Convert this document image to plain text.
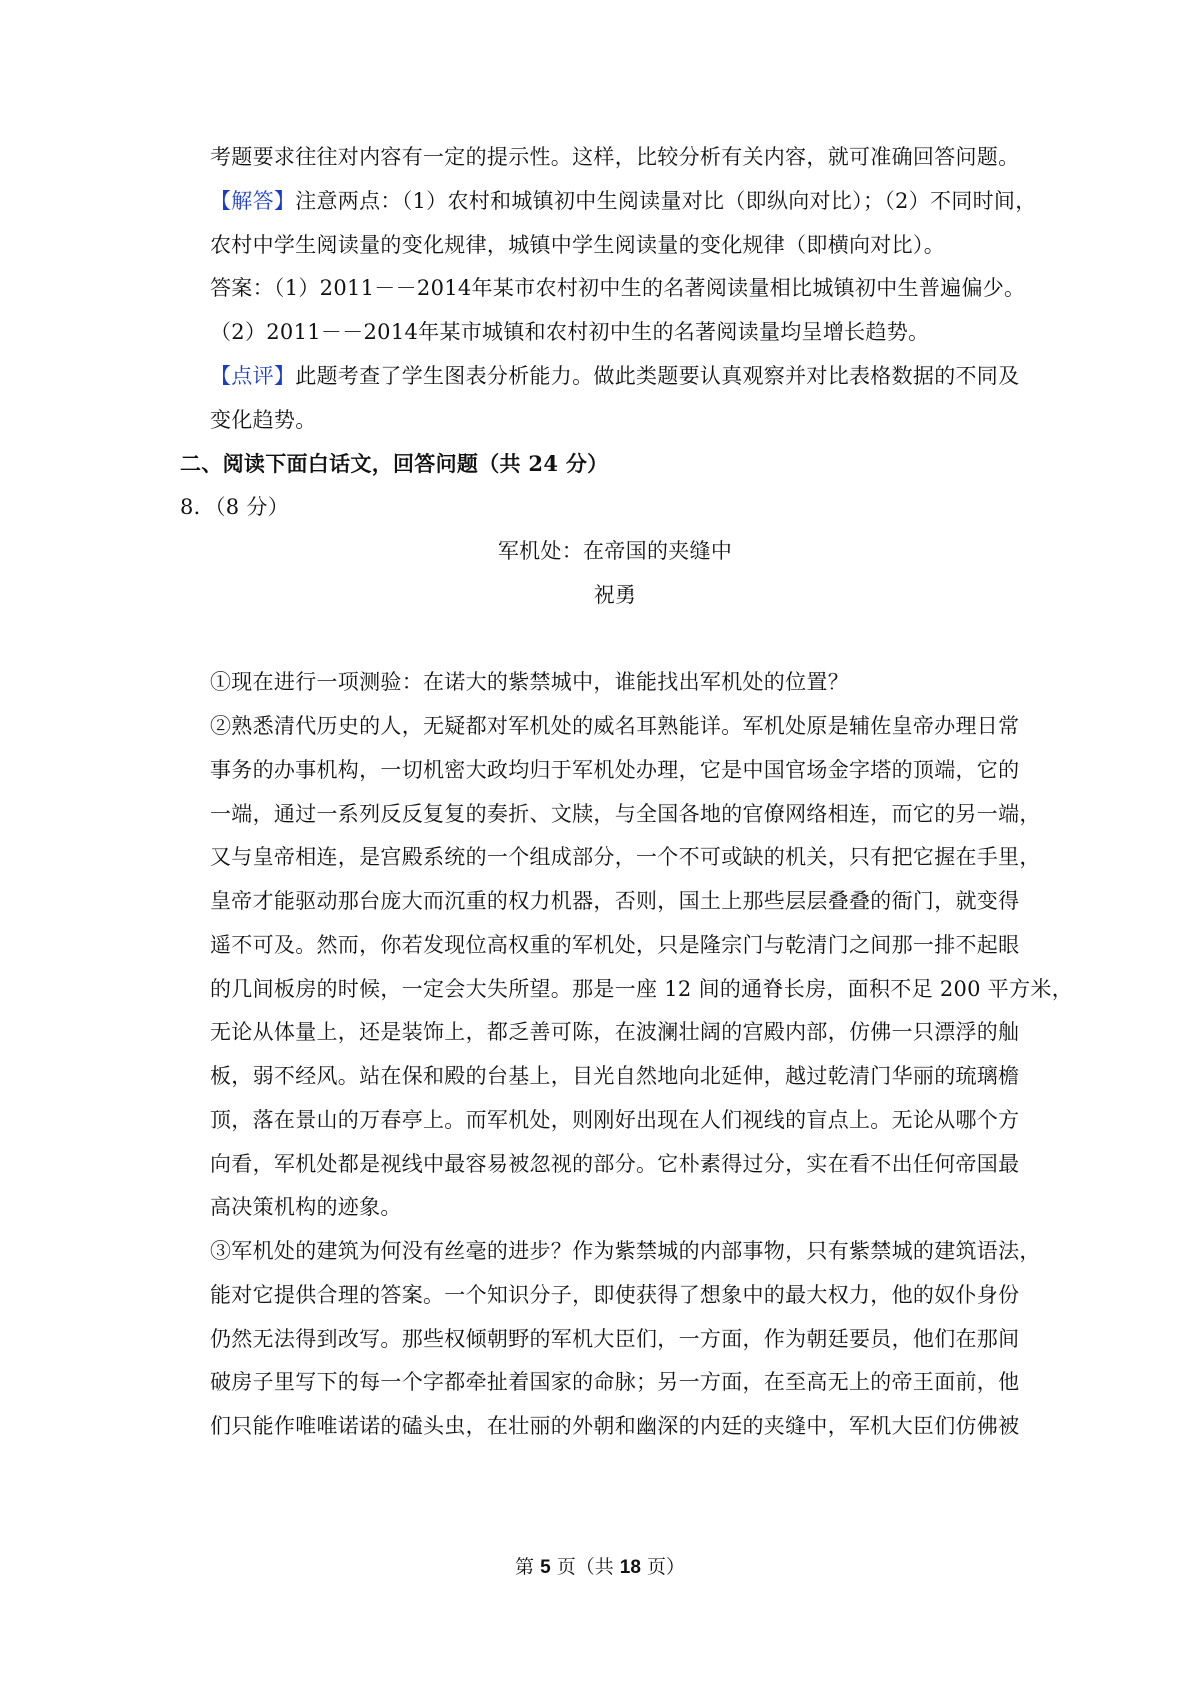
考题要求往往对内容有一定的提示性。这样，比较分析有关内容，就可准确回答问题。
【解答】注意两点：（1）农村和城镇初中生阅读量对比（即纵向对比）；（2）不同时间，
农村中学生阅读量的变化规律，城镇中学生阅读量的变化规律（即横向对比）。
答案：（1）2011－－2014年某市农村初中生的名著阅读量相比城镇初中生普遍偏少。
（2）2011－－2014年某市城镇和农村初中生的名著阅读量均呈增长趋势。
【点评】此题考查了学生图表分析能力。做此类题要认真观察并对比表格数据的不同及
变化趋势。
二、阅读下面白话文，回答问题（共 24 分）
8．（8 分）
军机处：在帝国的夹缝中
祝勇
①现在进行一项测验：在诺大的紫禁城中，谁能找出军机处的位置？
②熟悉清代历史的人，无疑都对军机处的威名耳熟能详。军机处原是辅佐皇帝办理日常
事务的办事机构，一切机密大政均归于军机处办理，它是中国官场金字塔的顶端，它的
一端，通过一系列反反复复的奏折、文牍，与全国各地的官僚网络相连，而它的另一端，
又与皇帝相连，是宫殿系统的一个组成部分，一个不可或缺的机关，只有把它握在手里，
皇帝才能驱动那台庞大而沉重的权力机器，否则，国土上那些层层叠叠的衙门，就变得
遥不可及。然而，你若发现位高权重的军机处，只是隆宗门与乾清门之间那一排不起眼
的几间板房的时候，一定会大失所望。那是一座 12 间的通脊长房，面积不足 200 平方米，
无论从体量上，还是装饰上，都乏善可陈，在波澜壮阔的宫殿内部，仿佛一只漂浮的舢
板，弱不经风。站在保和殿的台基上，目光自然地向北延伸，越过乾清门华丽的琉璃檐
顶，落在景山的万春亭上。而军机处，则刚好出现在人们视线的盲点上。无论从哪个方
向看，军机处都是视线中最容易被忽视的部分。它朴素得过分，实在看不出任何帝国最
高决策机构的迹象。
③军机处的建筑为何没有丝毫的进步？作为紫禁城的内部事物，只有紫禁城的建筑语法，
能对它提供合理的答案。一个知识分子，即使获得了想象中的最大权力，他的奴仆身份
仍然无法得到改写。那些权倾朝野的军机大臣们，一方面，作为朝廷要员，他们在那间
破房子里写下的每一个字都牵扯着国家的命脉；另一方面，在至高无上的帝王面前，他
们只能作唯唯诺诺的磕头虫，在壮丽的外朝和幽深的内廷的夹缝中，军机大臣们仿佛被
第 5 页（共 18 页）
